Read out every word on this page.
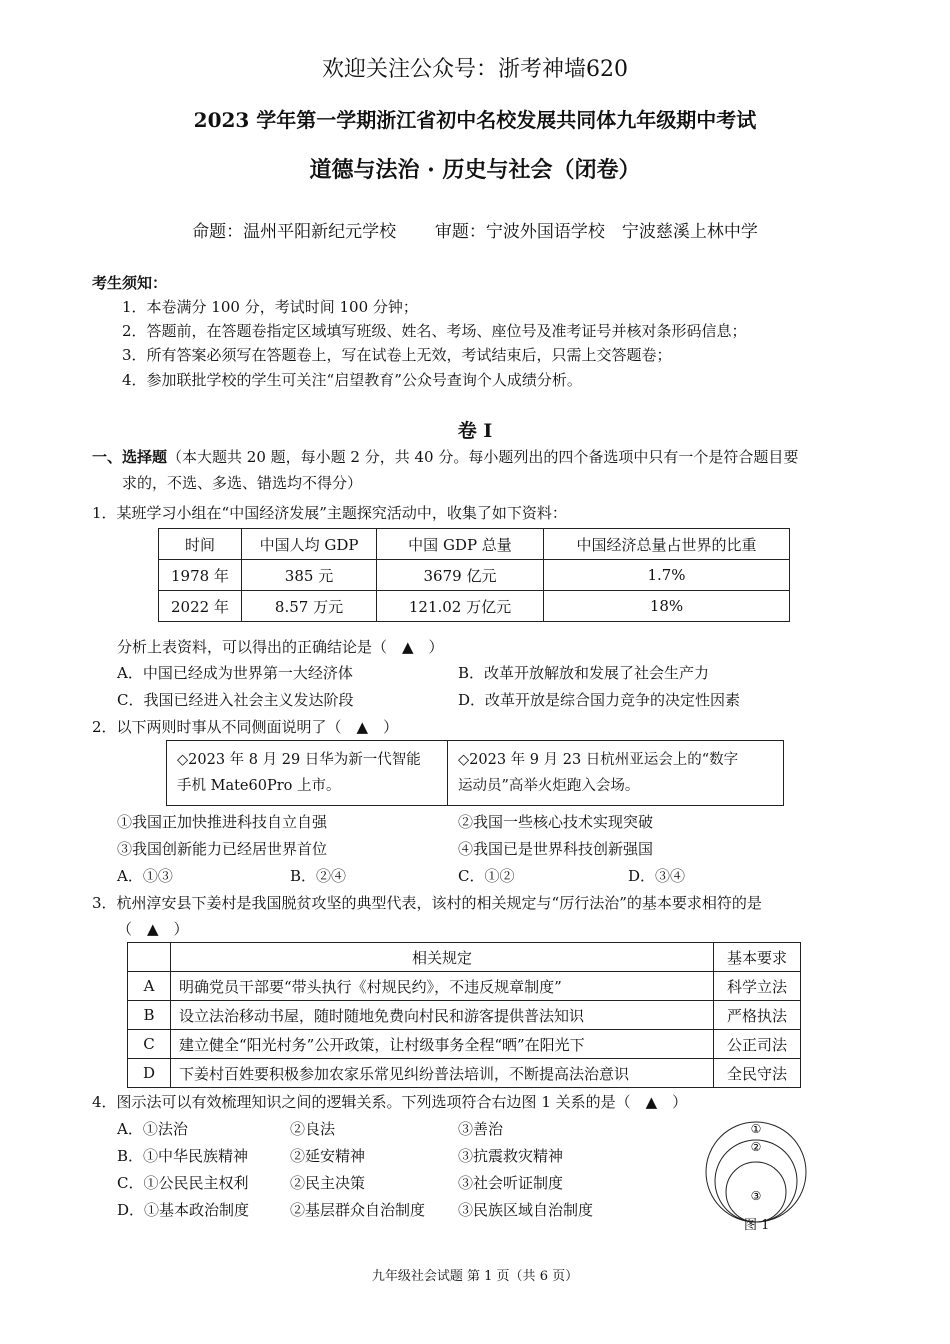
欢迎关注公众号：浙考神墙620
2023 学年第一学期浙江省初中名校发展共同体九年级期中考试
道德与法治 · 历史与社会（闭卷）
命题：温州平阳新纪元学校 审题：宁波外国语学校　宁波慈溪上林中学
考生须知：
1．本卷满分 100 分，考试时间 100 分钟；
2．答题前，在答题卷指定区域填写班级、姓名、考场、座位号及准考证号并核对条形码信息；
3．所有答案必须写在答题卷上，写在试卷上无效，考试结束后，只需上交答题卷；
4．参加联批学校的学生可关注“启望教育”公众号查询个人成绩分析。
卷 Ⅰ
一、选择题（本大题共 20 题，每小题 2 分，共 40 分。每小题列出的四个备选项中只有一个是符合题目要
求的，不选、多选、错选均不得分）
1．某班学习小组在“中国经济发展”主题探究活动中，收集了如下资料：
时间	中国人均 GDP	中国 GDP 总量	中国经济总量占世界的比重
1978 年	385 元	3679 亿元	1.7%
2022 年	8.57 万元	121.02 万亿元	18%
分析上表资料，可以得出的正确结论是（　▲　）
A．中国已经成为世界第一大经济体	B．改革开放解放和发展了社会生产力
C．我国已经进入社会主义发达阶段	D．改革开放是综合国力竞争的决定性因素
2．以下两则时事从不同侧面说明了（　▲　）
◇2023 年 8 月 29 日华为新一代智能
手机 Mate60Pro 上市。	◇2023 年 9 月 23 日杭州亚运会上的“数字
运动员”高举火炬跑入会场。
①我国正加快推进科技自立自强	②我国一些核心技术实现突破
③我国创新能力已经居世界首位	④我国已是世界科技创新强国
A．①③	B．②④	C．①②	D．③④
3．杭州淳安县下姜村是我国脱贫攻坚的典型代表，该村的相关规定与“厉行法治”的基本要求相符的是
（　▲　）
	相关规定	基本要求
A	明确党员干部要“带头执行《村规民约》，不违反规章制度”	科学立法
B	设立法治移动书屋，随时随地免费向村民和游客提供普法知识	严格执法
C	建立健全“阳光村务”公开政策，让村级事务全程“晒”在阳光下	公正司法
D	下姜村百姓要积极参加农家乐常见纠纷普法培训，不断提高法治意识	全民守法
4．图示法可以有效梳理知识之间的逻辑关系。下列选项符合右边图 1 关系的是（　▲　）
A．①法治	②良法	③善治
B．①中华民族精神	②延安精神	③抗震救灾精神
C．①公民民主权利	②民主决策	③社会听证制度
D．①基本政治制度	②基层群众自治制度 ③民族区域自治制度
①
②
③
图 1
九年级社会试题 第 1 页（共 6 页）
